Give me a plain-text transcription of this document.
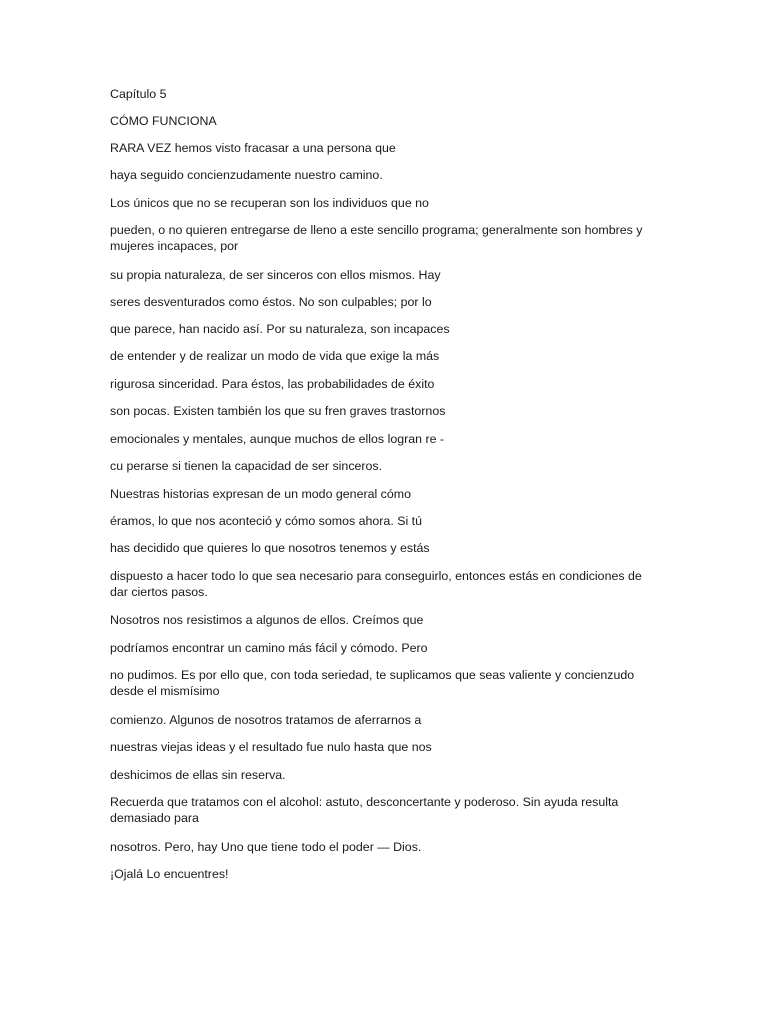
Capítulo 5

CÓMO FUNCIONA

RARA VEZ hemos visto fracasar a una persona que

haya seguido concienzudamente nuestro camino.

Los únicos que no se recuperan son los individuos que no

pueden, o no quieren entregarse de lleno a este sencillo programa; generalmente son hombres y mujeres incapaces, por

su propia naturaleza, de ser sinceros con ellos mismos. Hay

seres desventurados como éstos. No son culpables; por lo

que parece, han nacido así. Por su naturaleza, son incapaces

de entender y de realizar un modo de vida que exige la más

rigurosa sinceridad. Para éstos, las probabilidades de éxito

son pocas. Existen también los que su fren graves trastornos

emocionales y mentales, aunque muchos de ellos logran re -

cu perarse si tienen la capacidad de ser sinceros.

Nuestras historias expresan de un modo general cómo

éramos, lo que nos aconteció y cómo somos ahora. Si tú

has decidido que quieres lo que nosotros tenemos y estás

dispuesto a hacer todo lo que sea necesario para conseguirlo, entonces estás en condiciones de dar ciertos pasos.

Nosotros nos resistimos a algunos de ellos. Creímos que

podríamos encontrar un camino más fácil y cómodo. Pero

no pudimos. Es por ello que, con toda seriedad, te suplicamos que seas valiente y concienzudo desde el mismísimo

comienzo. Algunos de nosotros tratamos de aferrarnos a

nuestras viejas ideas y el resultado fue nulo hasta que nos

deshicimos de ellas sin reserva.

Recuerda que tratamos con el alcohol: astuto, desconcertante y poderoso. Sin ayuda resulta demasiado para

nosotros. Pero, hay Uno que tiene todo el poder — Dios.

¡Ojalá Lo encuentres!
